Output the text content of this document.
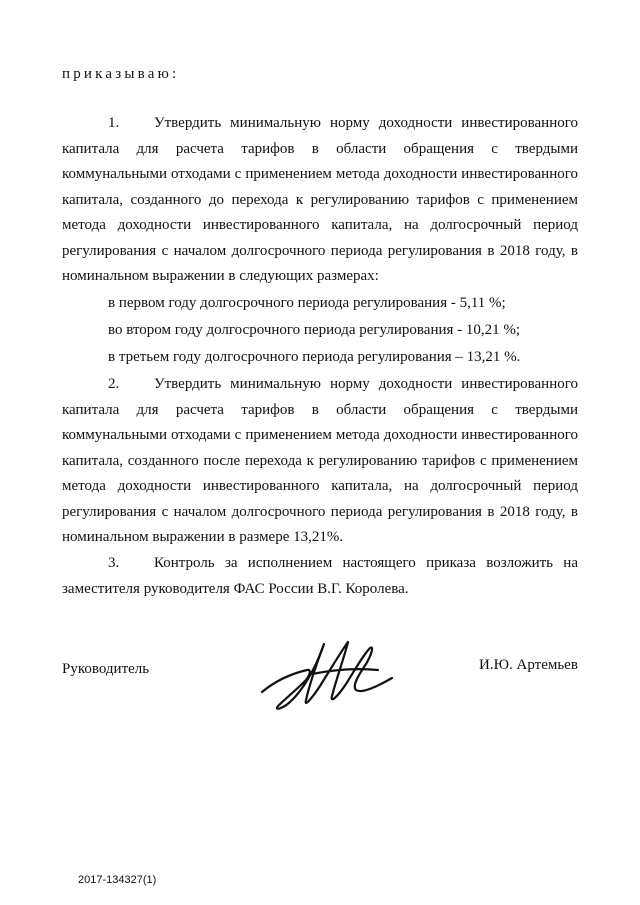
приказываю:

1. Утвердить минимальную норму доходности инвестированного капитала для расчета тарифов в области обращения с твердыми коммунальными отходами с применением метода доходности инвестированного капитала, созданного до перехода к регулированию тарифов с применением метода доходности инвестированного капитала, на долгосрочный период регулирования с началом долгосрочного периода регулирования в 2018 году, в номинальном выражении в следующих размерах:

в первом году долгосрочного периода регулирования - 5,11 %;
во втором году долгосрочного периода регулирования - 10,21 %;
в третьем году долгосрочного периода регулирования – 13,21 %.

2. Утвердить минимальную норму доходности инвестированного капитала для расчета тарифов в области обращения с твердыми коммунальными отходами с применением метода доходности инвестированного капитала, созданного после перехода к регулированию тарифов с применением метода доходности инвестированного капитала, на долгосрочный период регулирования с началом долгосрочного периода регулирования в 2018 году, в номинальном выражении в размере 13,21%.

3. Контроль за исполнением настоящего приказа возложить на заместителя руководителя ФАС России В.Г. Королева.

Руководитель	И.Ю. Артемьев
2017-134327(1)
